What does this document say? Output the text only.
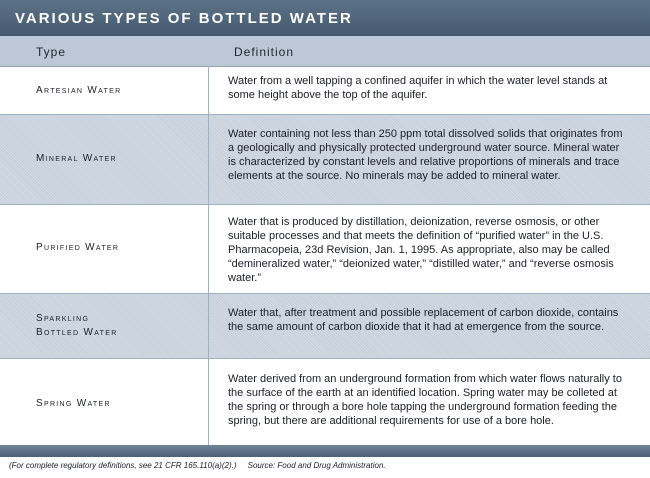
VARIOUS TYPES OF BOTTLED WATER
Type	Definition
Artesian Water
Water from a well tapping a confined aquifer in which the water level stands at some height above the top of the aquifer.
Mineral Water
Water containing not less than 250 ppm total dissolved solids that originates from a geologically and physically protected underground water source. Mineral water is characterized by constant levels and relative proportions of minerals and trace elements at the source. No minerals may be added to mineral water.
Purified Water
Water that is produced by distillation, deionization, reverse osmosis, or other suitable processes and that meets the definition of “purified water” in the U.S. Pharmacopeia, 23d Revision, Jan. 1, 1995. As appropriate, also may be called “demineralized water,” “deionized water,” “distilled water,” and “reverse osmosis water.”
Sparkling
Bottled Water
Water that, after treatment and possible replacement of carbon dioxide, contains the same amount of carbon dioxide that it had at emergence from the source.
Spring Water
Water derived from an underground formation from which water flows naturally to the surface of the earth at an identified location. Spring water may be colleted at the spring or through a bore hole tapping the underground formation feeding the spring, but there are additional requirements for use of a bore hole.
(For complete regulatory definitions, see 21 CFR 165.110(a)(2).)     Source: Food and Drug Administration.
